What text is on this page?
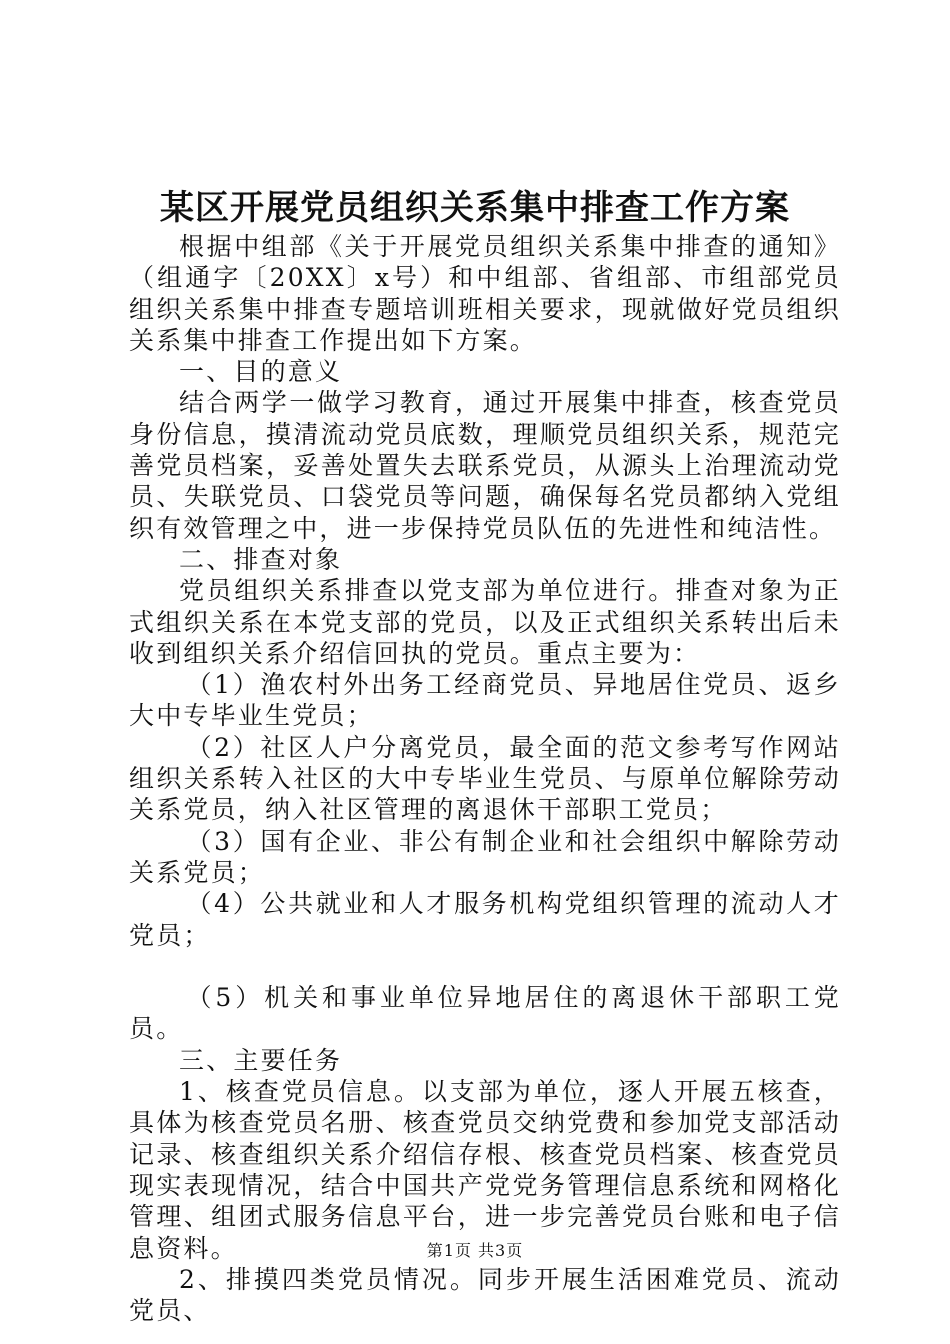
某区开展党员组织关系集中排查工作方案

根据中组部《关于开展党员组织关系集中排查的通知》（组通字〔20XX〕x号）和中组部、省组部、市组部党员组织关系集中排查专题培训班相关要求，现就做好党员组织关系集中排查工作提出如下方案。

一、目的意义

结合两学一做学习教育，通过开展集中排查，核查党员身份信息，摸清流动党员底数，理顺党员组织关系，规范完善党员档案，妥善处置失去联系党员，从源头上治理流动党员、失联党员、口袋党员等问题，确保每名党员都纳入党组织有效管理之中，进一步保持党员队伍的先进性和纯洁性。

二、排查对象

党员组织关系排查以党支部为单位进行。排查对象为正式组织关系在本党支部的党员，以及正式组织关系转出后未收到组织关系介绍信回执的党员。重点主要为：

（1）渔农村外出务工经商党员、异地居住党员、返乡大中专毕业生党员；

（2）社区人户分离党员，最全面的范文参考写作网站组织关系转入社区的大中专毕业生党员、与原单位解除劳动关系党员，纳入社区管理的离退休干部职工党员；

（3）国有企业、非公有制企业和社会组织中解除劳动关系党员；

（4）公共就业和人才服务机构党组织管理的流动人才党员；

（5）机关和事业单位异地居住的离退休干部职工党员。

三、主要任务

1、核查党员信息。以支部为单位，逐人开展五核查，具体为核查党员名册、核查党员交纳党费和参加党支部活动记录、核查组织关系介绍信存根、核查党员档案、核查党员现实表现情况，结合中国共产党党务管理信息系统和网格化管理、组团式服务信息平台，进一步完善党员台账和电子信息资料。

2、排摸四类党员情况。同步开展生活困难党员、流动党员、

第1页 共3页
